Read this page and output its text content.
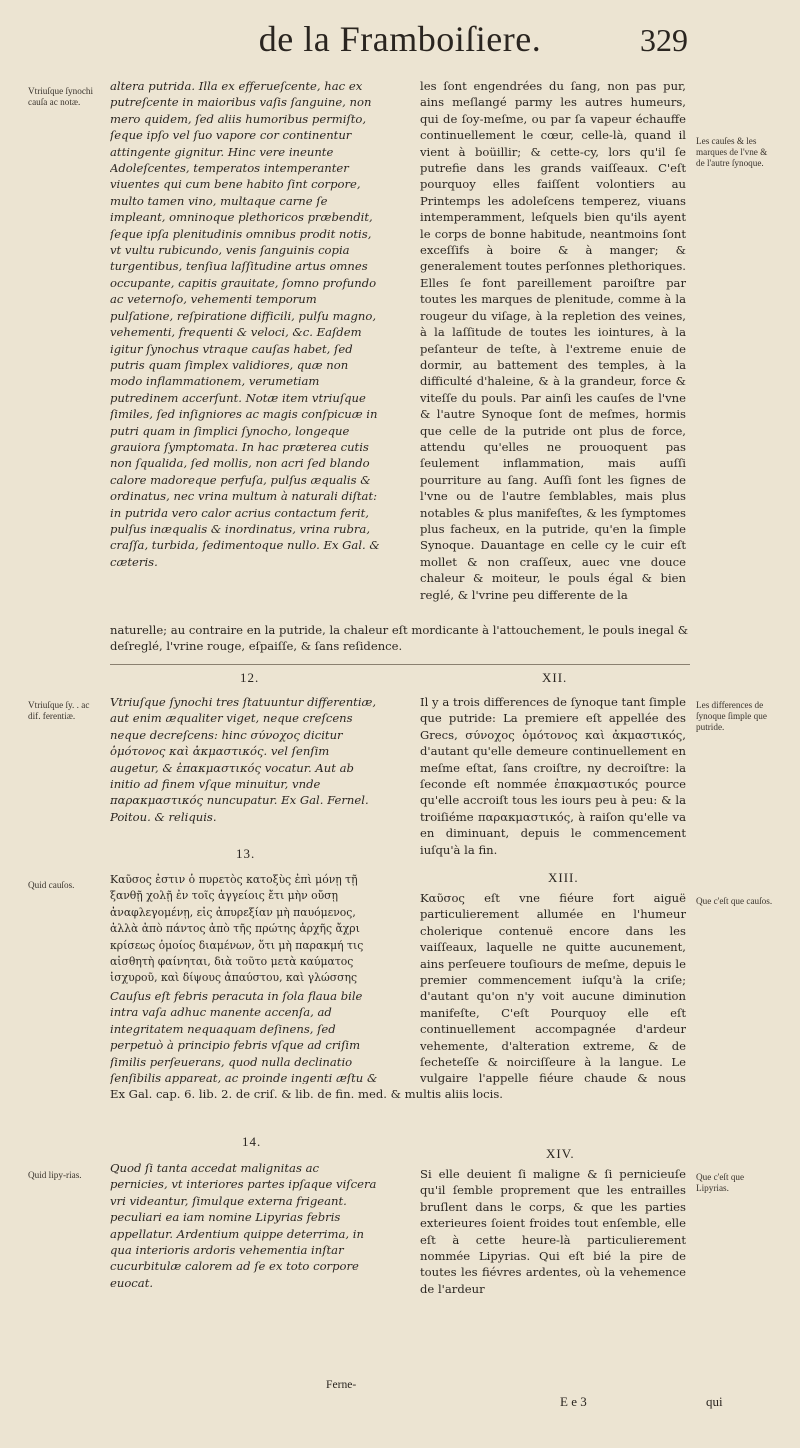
de la Framboiſiere.	329
Vtriuſque ſynochi cauſa ac notæ.
altera putrida. Illa ex efferueſcente, hac ex putreſcente in maioribus vaſis ſanguine, non mero quidem, ſed aliis humoribus permiſto, ſeque ipſo vel ſuo vapore cor continentur attingente gignitur. Hinc vere ineunte Adoleſcentes, temperatos intemperanter viuentes qui cum bene habito ſint corpore, multo tamen vino, multaque carne ſe impleant, omninoque plethoricos præbendit, ſeque ipſa plenitudinis omnibus prodit notis, vt vultu rubicundo, venis ſanguinis copia turgentibus, tenſiua laſſitudine artus omnes occupante, capitis grauitate, ſomno profundo ac veternoſo, vehementi temporum pulſatione, reſpiratione difficili, pulſu magno, vehementi, frequenti & veloci, &c. Eaſdem igitur ſynochus vtraque cauſas habet, ſed putris quam ſimplex validiores, quæ non modo inflammationem, verumetiam putredinem accerſunt. Notæ item vtriuſque ſimiles, ſed inſigniores ac magis conſpicuæ in putri quam in ſimplici ſynocho, longeque grauiora ſymptomata. In hac præterea cutis non ſqualida, ſed mollis, non acri ſed blando calore madoreque perfuſa, pulſus æqualis & ordinatus, nec vrina multum à naturali diſtat: in putrida vero calor acrius contactum ferit, pulſus inæqualis & inordinatus, vrina rubra, craſſa, turbida, ſedimentoque nullo. Ex Gal. & cæteris.
les ſont engendrées du ſang, non pas pur, ains meſlangé parmy les autres humeurs, qui de ſoy-meſme, ou par ſa vapeur échauffe continuellement le cœur, celle-là, quand il vient à boüillir; & cette-cy, lors qu'il ſe putrefie dans les grands vaiſſeaux. C'eſt pourquoy elles faiſſent volontiers au Printemps les adoleſcens temperez, viuans intemperamment, leſquels bien qu'ils ayent le corps de bonne habitude, neantmoins ſont exceſſifs à boire & à manger; & generalement toutes perſonnes plethoriques. Elles ſe font pareillement paroiſtre par toutes les marques de plenitude, comme à la rougeur du viſage, à la repletion des veines, à la laſſitude de toutes les iointures, à la peſanteur de teſte, à l'extreme enuie de dormir, au battement des temples, à la difficulté d'haleine, & à la grandeur, force & viteſſe du pouls. Par ainſi les cauſes de l'vne & l'autre Synoque ſont de meſmes, hormis que celle de la putride ont plus de force, attendu qu'elles ne prouoquent pas ſeulement inflammation, mais auſſi pourriture au ſang. Auſſi ſont les ſignes de l'vne ou de l'autre ſemblables, mais plus notables & plus manifeſtes, & les ſymptomes plus facheux, en la putride, qu'en la ſimple Synoque. Dauantage en celle cy le cuir eſt mollet & non craſſeux, auec vne douce chaleur & moiteur, le pouls égal & bien reglé, & l'vrine peu differente de la
Les cauſes & les marques de l'vne & de l'autre ſynoque.
naturelle; au contraire en la putride, la chaleur eſt mordicante à l'attouchement, le pouls inegal & deſreglé, l'vrine rouge, eſpaiſſe, & ſans reſidence.
12.	XII.
Vtriuſque ſy. . ac dif. ferentiæ.
Vtriuſque ſynochi tres ſtatuuntur differentiæ, aut enim æqualiter viget, neque creſcens neque decreſcens: hinc σύνοχος dicitur ὁμότονος καὶ ἀκμαστικός. vel ſenſim augetur, & ἐπακμαστικός vocatur. Aut ab initio ad finem vſque minuitur, vnde παρακμαστικός nuncupatur. Ex Gal. Fernel. Poitou. & reliquis.
Il y a trois differences de ſynoque tant ſimple que putride: La premiere eſt appellée des Grecs, σύνοχος ὁμότονος καὶ ἀκμαστικός, d'autant qu'elle demeure continuellement en meſme eſtat, ſans croiſtre, ny decroiſtre: la ſeconde eſt nommée ἐπακμαστικός pource qu'elle accroiſt tous les iours peu à peu: & la troiſiéme παρακμαστικός, à raiſon qu'elle va en diminuant, depuis le commencement iuſqu'à la fin.
Les differences de ſynoque ſimple que putride.
13.
XIII.
Quid cauſos.	Καῦσος ἐστιν ὁ πυρετὸς κατοξὺς ἐπὶ μόνῃ τῇ ξανθῇ χολῇ ἐν τοῖς ἀγγείοις ἔτι μὴν οὔσῃ ἀναφλεγομένῃ, εἰς ἀπυρεξίαν μὴ παυόμενος, ἀλλὰ ἀπὸ πάντος ἀπὸ τῆς πρώτης ἀρχῆς ἄχρι κρίσεως ὁμοίος διαμένων, ὅτι μὴ παρακμή τις αἰσθητὴ φαίνηται, διὰ τοῦτο μετὰ καύματος ἰσχυροῦ, καὶ δίψους ἀπαύστου, καὶ γλώσσης
Cauſus eſt febris peracuta in ſola flaua bile intra vaſa adhuc manente accenſa, ad integritatem nequaquam deſinens, ſed perpetuò à principio febris vſque ad criſim ſimilis perſeuerans, quod nulla declinatio ſenſibilis appareat, ac proinde ingenti æſtu &
Kαῦσος eſt vne fiéure fort aiguë particulierement allumée en l'humeur cholerique contenuë encore dans les vaiſſeaux, laquelle ne quitte aucunement, ains perſeuere touſiours de meſme, depuis le premier commencement iuſqu'à la criſe; d'autant qu'on n'y voit aucune diminution manifeſte, C'eſt Pourquoy elle eſt continuellement accompagnée d'ardeur vehemente, d'alteration extreme, & de ſecheteſſe & noirciſſeure à la langue. Le vulgaire l'appelle fiéure chaude & nous
Que c'eſt que cauſos.
Ex Gal. cap. 6. lib. 2. de criſ. & lib. de fin. med. & multis aliis locis.
14.
XIV.
Quid lipy-rias.	Quod ſi tanta accedat malignitas ac pernicies, vt interiores partes ipſaque viſcera vri videantur, ſimulque externa frigeant. peculiari ea iam nomine Lipyrias febris appellatur. Ardentium quippe deterrima, in qua interioris ardoris vehementia inſtar cucurbitulæ calorem ad ſe ex toto corpore euocat.
Ferne-
Si elle deuient ſi maligne & ſi pernicieuſe qu'il ſemble proprement que les entrailles bruſlent dans le corps, & que les parties exterieures ſoient froides tout enſemble, elle eſt à cette heure-là particulierement nommée Lipyrias. Qui eſt bié la pire de toutes les fiévres ardentes, où la vehemence de l'ardeur
Que c'eſt que Lipyrias.
E e 3	qui
